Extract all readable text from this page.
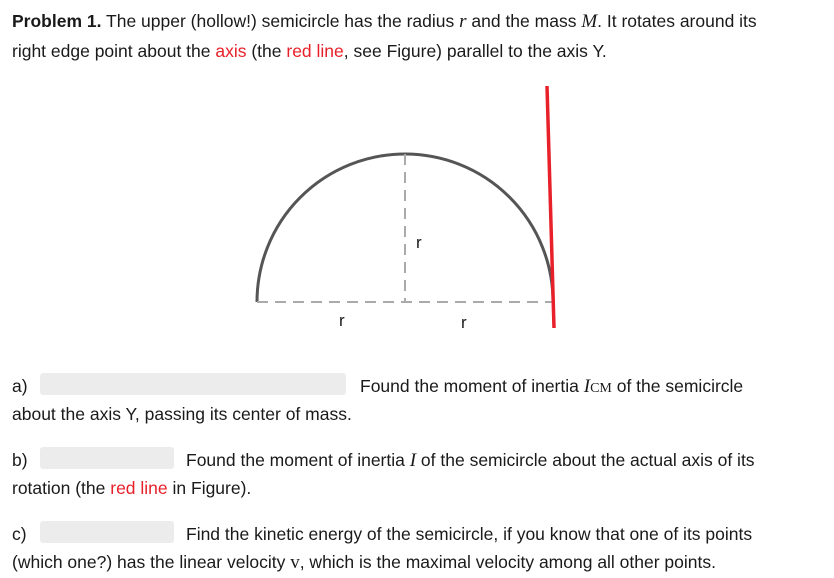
Problem 1. The upper (hollow!) semicircle has the radius r and the mass M. It rotates around its
right edge point about the axis (the red line, see Figure) parallel to the axis Y.
r
r	r
a)	Found the moment of inertia ICM of the semicircle
about the axis Y, passing its center of mass.
b)	Found the moment of inertia I of the semicircle about the actual axis of its
rotation (the red line in Figure).
c)	Find the kinetic energy of the semicircle, if you know that one of its points
(which one?) has the linear velocity v, which is the maximal velocity among all other points.
